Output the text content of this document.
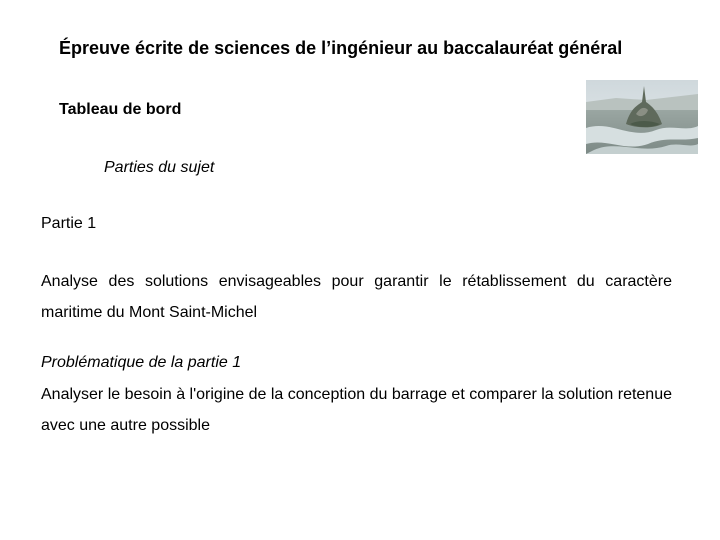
Épreuve écrite de sciences de l’ingénieur au baccalauréat général
Tableau de bord
Parties du sujet
Partie 1

Analyse des solutions envisageables pour garantir le rétablissement du caractère maritime du Mont Saint-Michel

Problématique de la partie 1

Analyser le besoin à l'origine de la conception du barrage et comparer la solution retenue avec une autre possible
